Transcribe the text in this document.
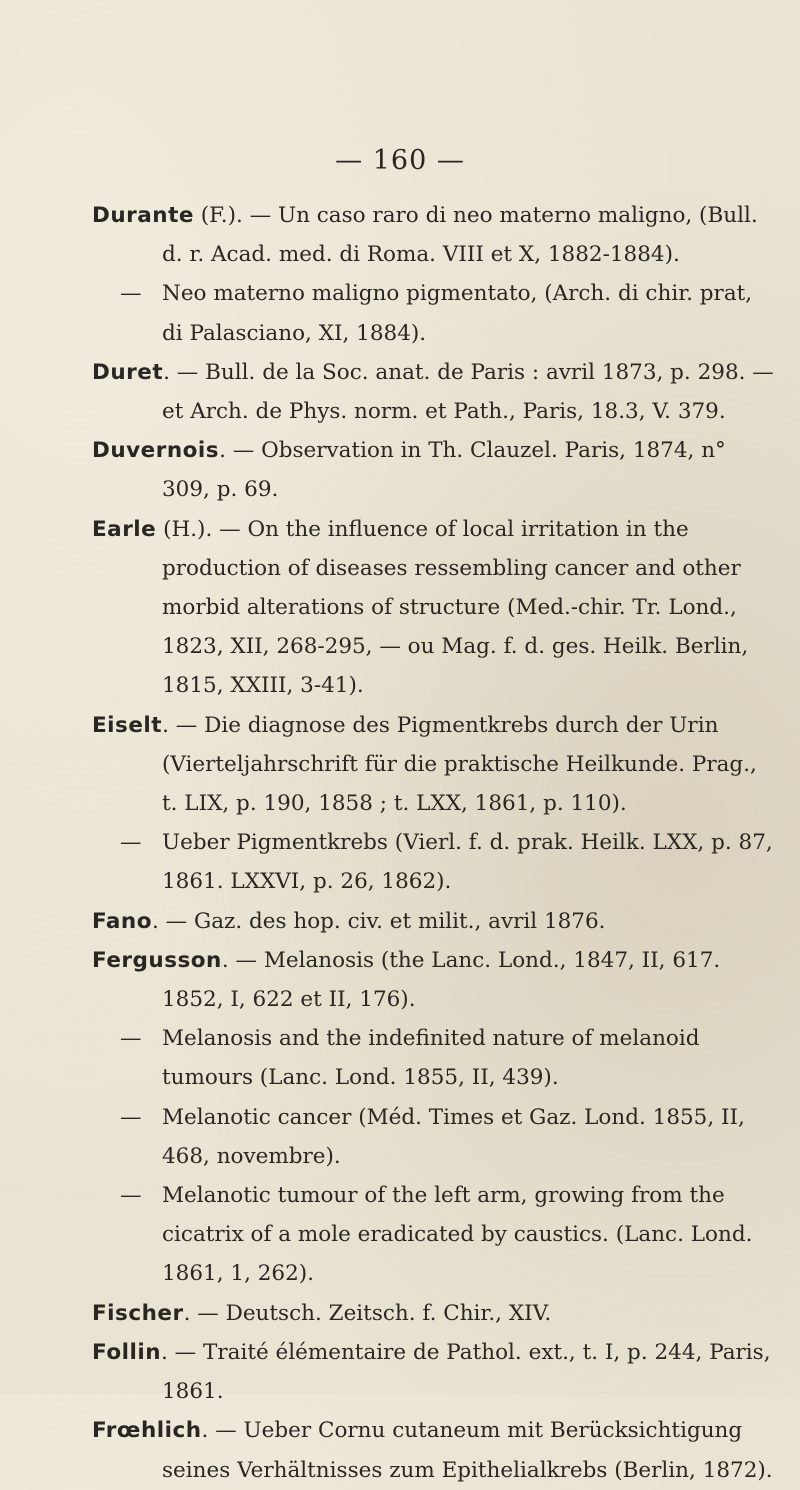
— 160 —

Durante (F.). — Un caso raro di neo materno maligno, (Bull. d. r. Acad. med. di Roma. VIII et X, 1882-1884).

— Neo materno maligno pigmentato, (Arch. di chir. prat, di Palasciano, XI, 1884).

Duret. — Bull. de la Soc. anat. de Paris : avril 1873, p. 298. — et Arch. de Phys. norm. et Path., Paris, 18.3, V. 379.

Duvernois. — Observation in Th. Clauzel. Paris, 1874, n° 309, p. 69.

Earle (H.). — On the influence of local irritation in the production of diseases ressembling cancer and other morbid alterations of structure (Med.-chir. Tr. Lond., 1823, XII, 268-295, — ou Mag. f. d. ges. Heilk. Berlin, 1815, XXIII, 3-41).

Eiselt. — Die diagnose des Pigmentkrebs durch der Urin (Vierteljahrschrift für die praktische Heilkunde. Prag., t. LIX, p. 190, 1858 ; t. LXX, 1861, p. 110).

— Ueber Pigmentkrebs (Vierl. f. d. prak. Heilk. LXX, p. 87, 1861. LXXVI, p. 26, 1862).

Fano. — Gaz. des hop. civ. et milit., avril 1876.

Fergusson. — Melanosis (the Lanc. Lond., 1847, II, 617. 1852, I, 622 et II, 176).

— Melanosis and the indefinited nature of melanoid tumours (Lanc. Lond. 1855, II, 439).

— Melanotic cancer (Méd. Times et Gaz. Lond. 1855, II, 468, novembre).

— Melanotic tumour of the left arm, growing from the cicatrix of a mole eradicated by caustics. (Lanc. Lond. 1861, 1, 262).

Fischer. — Deutsch. Zeitsch. f. Chir., XIV.

Follin. — Traité élémentaire de Pathol. ext., t. I, p. 244, Paris, 1861.

Frœhlich. — Ueber Cornu cutaneum mit Berücksichtigung seines Verhältnisses zum Epithelialkrebs (Berlin, 1872).
